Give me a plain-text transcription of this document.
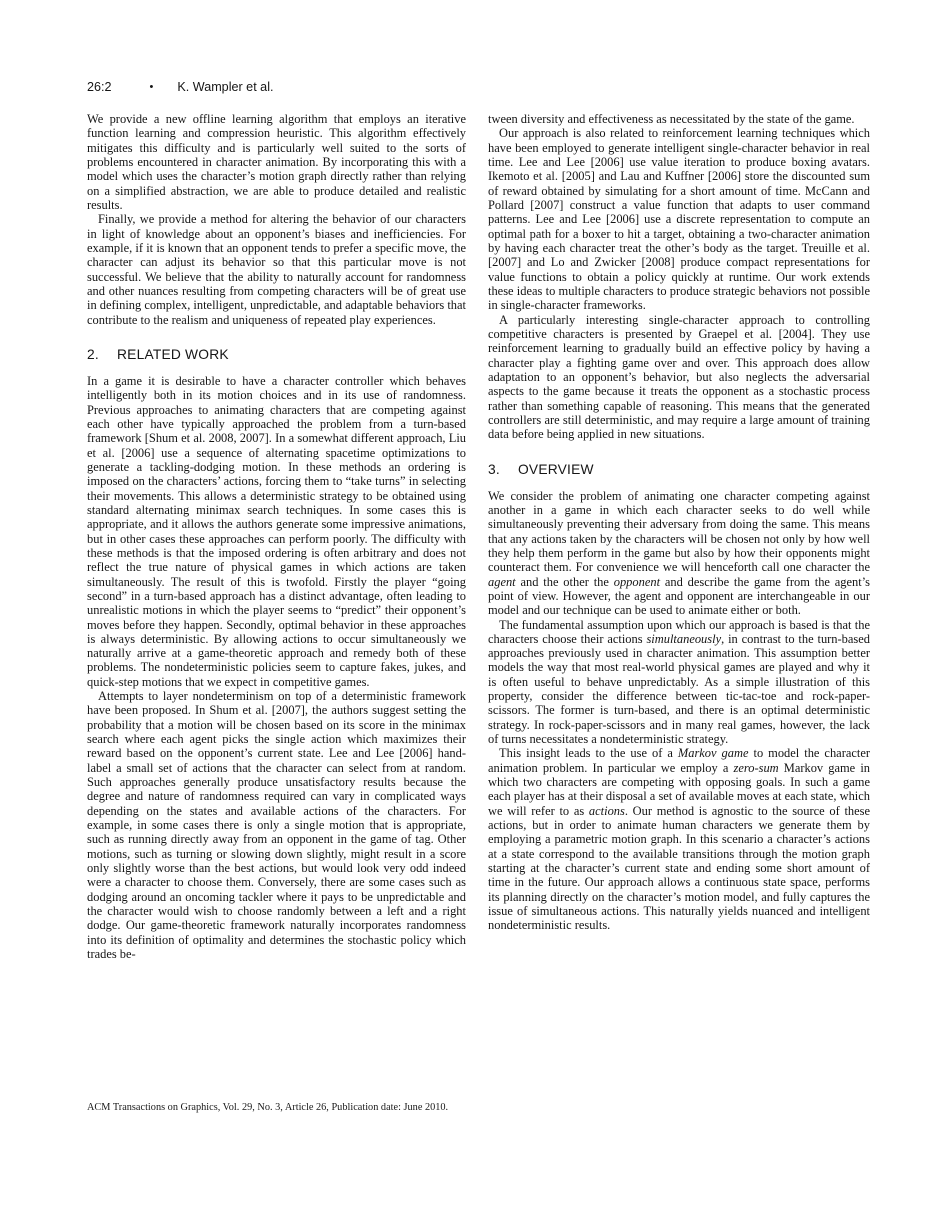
26:2	• K. Wampler et al.

We provide a new offline learning algorithm that employs an iterative function learning and compression heuristic. This algorithm effectively mitigates this difficulty and is particularly well suited to the sorts of problems encountered in character animation. By incorporating this with a model which uses the character’s motion graph directly rather than relying on a simplified abstraction, we are able to produce detailed and realistic results.

Finally, we provide a method for altering the behavior of our characters in light of knowledge about an opponent’s biases and inefficiencies. For example, if it is known that an opponent tends to prefer a specific move, the character can adjust its behavior so that this particular move is not successful. We believe that the ability to naturally account for randomness and other nuances resulting from competing characters will be of great use in defining complex, intelligent, unpredictable, and adaptable behaviors that contribute to the realism and uniqueness of repeated play experiences.

2.	RELATED WORK

In a game it is desirable to have a character controller which behaves intelligently both in its motion choices and in its use of randomness. Previous approaches to animating characters that are competing against each other have typically approached the problem from a turn-based framework [Shum et al. 2008, 2007]. In a somewhat different approach, Liu et al. [2006] use a sequence of alternating spacetime optimizations to generate a tackling-dodging motion. In these methods an ordering is imposed on the characters’ actions, forcing them to “take turns” in selecting their movements. This allows a deterministic strategy to be obtained using standard alternating minimax search techniques. In some cases this is appropriate, and it allows the authors generate some impressive animations, but in other cases these approaches can perform poorly. The difficulty with these methods is that the imposed ordering is often arbitrary and does not reflect the true nature of physical games in which actions are taken simultaneously. The result of this is twofold. Firstly the player “going second” in a turn-based approach has a distinct advantage, often leading to unrealistic motions in which the player seems to “predict” their opponent’s moves before they happen. Secondly, optimal behavior in these approaches is always deterministic. By allowing actions to occur simultaneously we naturally arrive at a game-theoretic approach and remedy both of these problems. The nondeterministic policies seem to capture fakes, jukes, and quick-step motions that we expect in competitive games.

Attempts to layer nondeterminism on top of a deterministic framework have been proposed. In Shum et al. [2007], the authors suggest setting the probability that a motion will be chosen based on its score in the minimax search where each agent picks the single action which maximizes their reward based on the opponent’s current state. Lee and Lee [2006] hand-label a small set of actions that the character can select from at random. Such approaches generally produce unsatisfactory results because the degree and nature of randomness required can vary in complicated ways depending on the states and available actions of the characters. For example, in some cases there is only a single motion that is appropriate, such as running directly away from an opponent in the game of tag. Other motions, such as turning or slowing down slightly, might result in a score only slightly worse than the best actions, but would look very odd indeed were a character to choose them. Conversely, there are some cases such as dodging around an oncoming tackler where it pays to be unpredictable and the character would wish to choose randomly between a left and a right dodge. Our game-theoretic framework naturally incorporates randomness into its definition of optimality and determines the stochastic policy which trades be-

tween diversity and effectiveness as necessitated by the state of the game.

Our approach is also related to reinforcement learning techniques which have been employed to generate intelligent single-character behavior in real time. Lee and Lee [2006] use value iteration to produce boxing avatars. Ikemoto et al. [2005] and Lau and Kuffner [2006] store the discounted sum of reward obtained by simulating for a short amount of time. McCann and Pollard [2007] construct a value function that adapts to user command patterns. Lee and Lee [2006] use a discrete representation to compute an optimal path for a boxer to hit a target, obtaining a two-character animation by having each character treat the other’s body as the target. Treuille et al. [2007] and Lo and Zwicker [2008] produce compact representations for value functions to obtain a policy quickly at runtime. Our work extends these ideas to multiple characters to produce strategic behaviors not possible in single-character frameworks.

A particularly interesting single-character approach to controlling competitive characters is presented by Graepel et al. [2004]. They use reinforcement learning to gradually build an effective policy by having a character play a fighting game over and over. This approach does allow adaptation to an opponent’s behavior, but also neglects the adversarial aspects to the game because it treats the opponent as a stochastic process rather than something capable of reasoning. This means that the generated controllers are still deterministic, and may require a large amount of training data before being applied in new situations.

3.	OVERVIEW

We consider the problem of animating one character competing against another in a game in which each character seeks to do well while simultaneously preventing their adversary from doing the same. This means that any actions taken by the characters will be chosen not only by how well they help them perform in the game but also by how their opponents might counteract them. For convenience we will henceforth call one character the agent and the other the opponent and describe the game from the agent’s point of view. However, the agent and opponent are interchangeable in our model and our technique can be used to animate either or both.

The fundamental assumption upon which our approach is based is that the characters choose their actions simultaneously, in contrast to the turn-based approaches previously used in character animation. This assumption better models the way that most real-world physical games are played and why it is often useful to behave unpredictably. As a simple illustration of this property, consider the difference between tic-tac-toe and rock-paper-scissors. The former is turn-based, and there is an optimal deterministic strategy. In rock-paper-scissors and in many real games, however, the lack of turns necessitates a nondeterministic strategy.

This insight leads to the use of a Markov game to model the character animation problem. In particular we employ a zero-sum Markov game in which two characters are competing with opposing goals. In such a game each player has at their disposal a set of available moves at each state, which we will refer to as actions. Our method is agnostic to the source of these actions, but in order to animate human characters we generate them by employing a parametric motion graph. In this scenario a character’s actions at a state correspond to the available transitions through the motion graph starting at the character’s current state and ending some short amount of time in the future. Our approach allows a continuous state space, performs its planning directly on the character’s motion model, and fully captures the issue of simultaneous actions. This naturally yields nuanced and intelligent nondeterministic results.

ACM Transactions on Graphics, Vol. 29, No. 3, Article 26, Publication date: June 2010.
